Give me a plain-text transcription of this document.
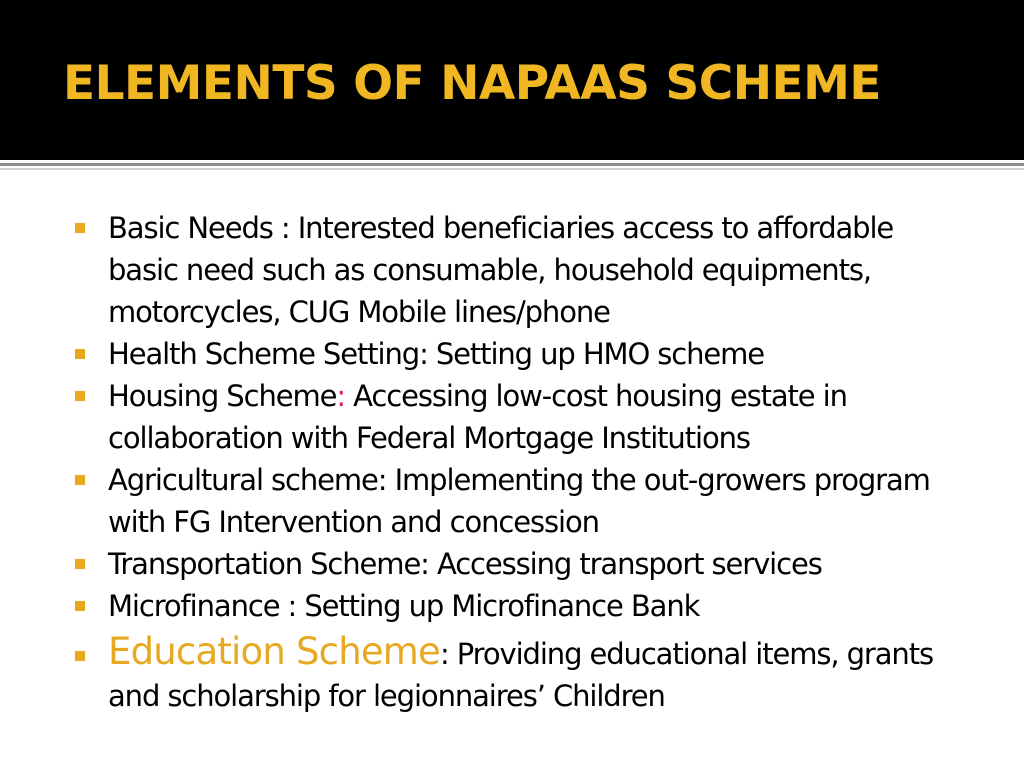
ELEMENTS OF NAPAAS SCHEME
Basic Needs : Interested beneficiaries access to affordable basic need such as consumable, household equipments, motorcycles, CUG Mobile lines/phone
Health Scheme Setting: Setting up HMO scheme
Housing Scheme: Accessing low-cost housing estate in collaboration with Federal Mortgage Institutions
Agricultural scheme: Implementing the out-growers program with FG Intervention and concession
Transportation Scheme: Accessing transport services
Microfinance : Setting up Microfinance Bank
Education Scheme: Providing educational items, grants and scholarship for legionnaires’ Children
